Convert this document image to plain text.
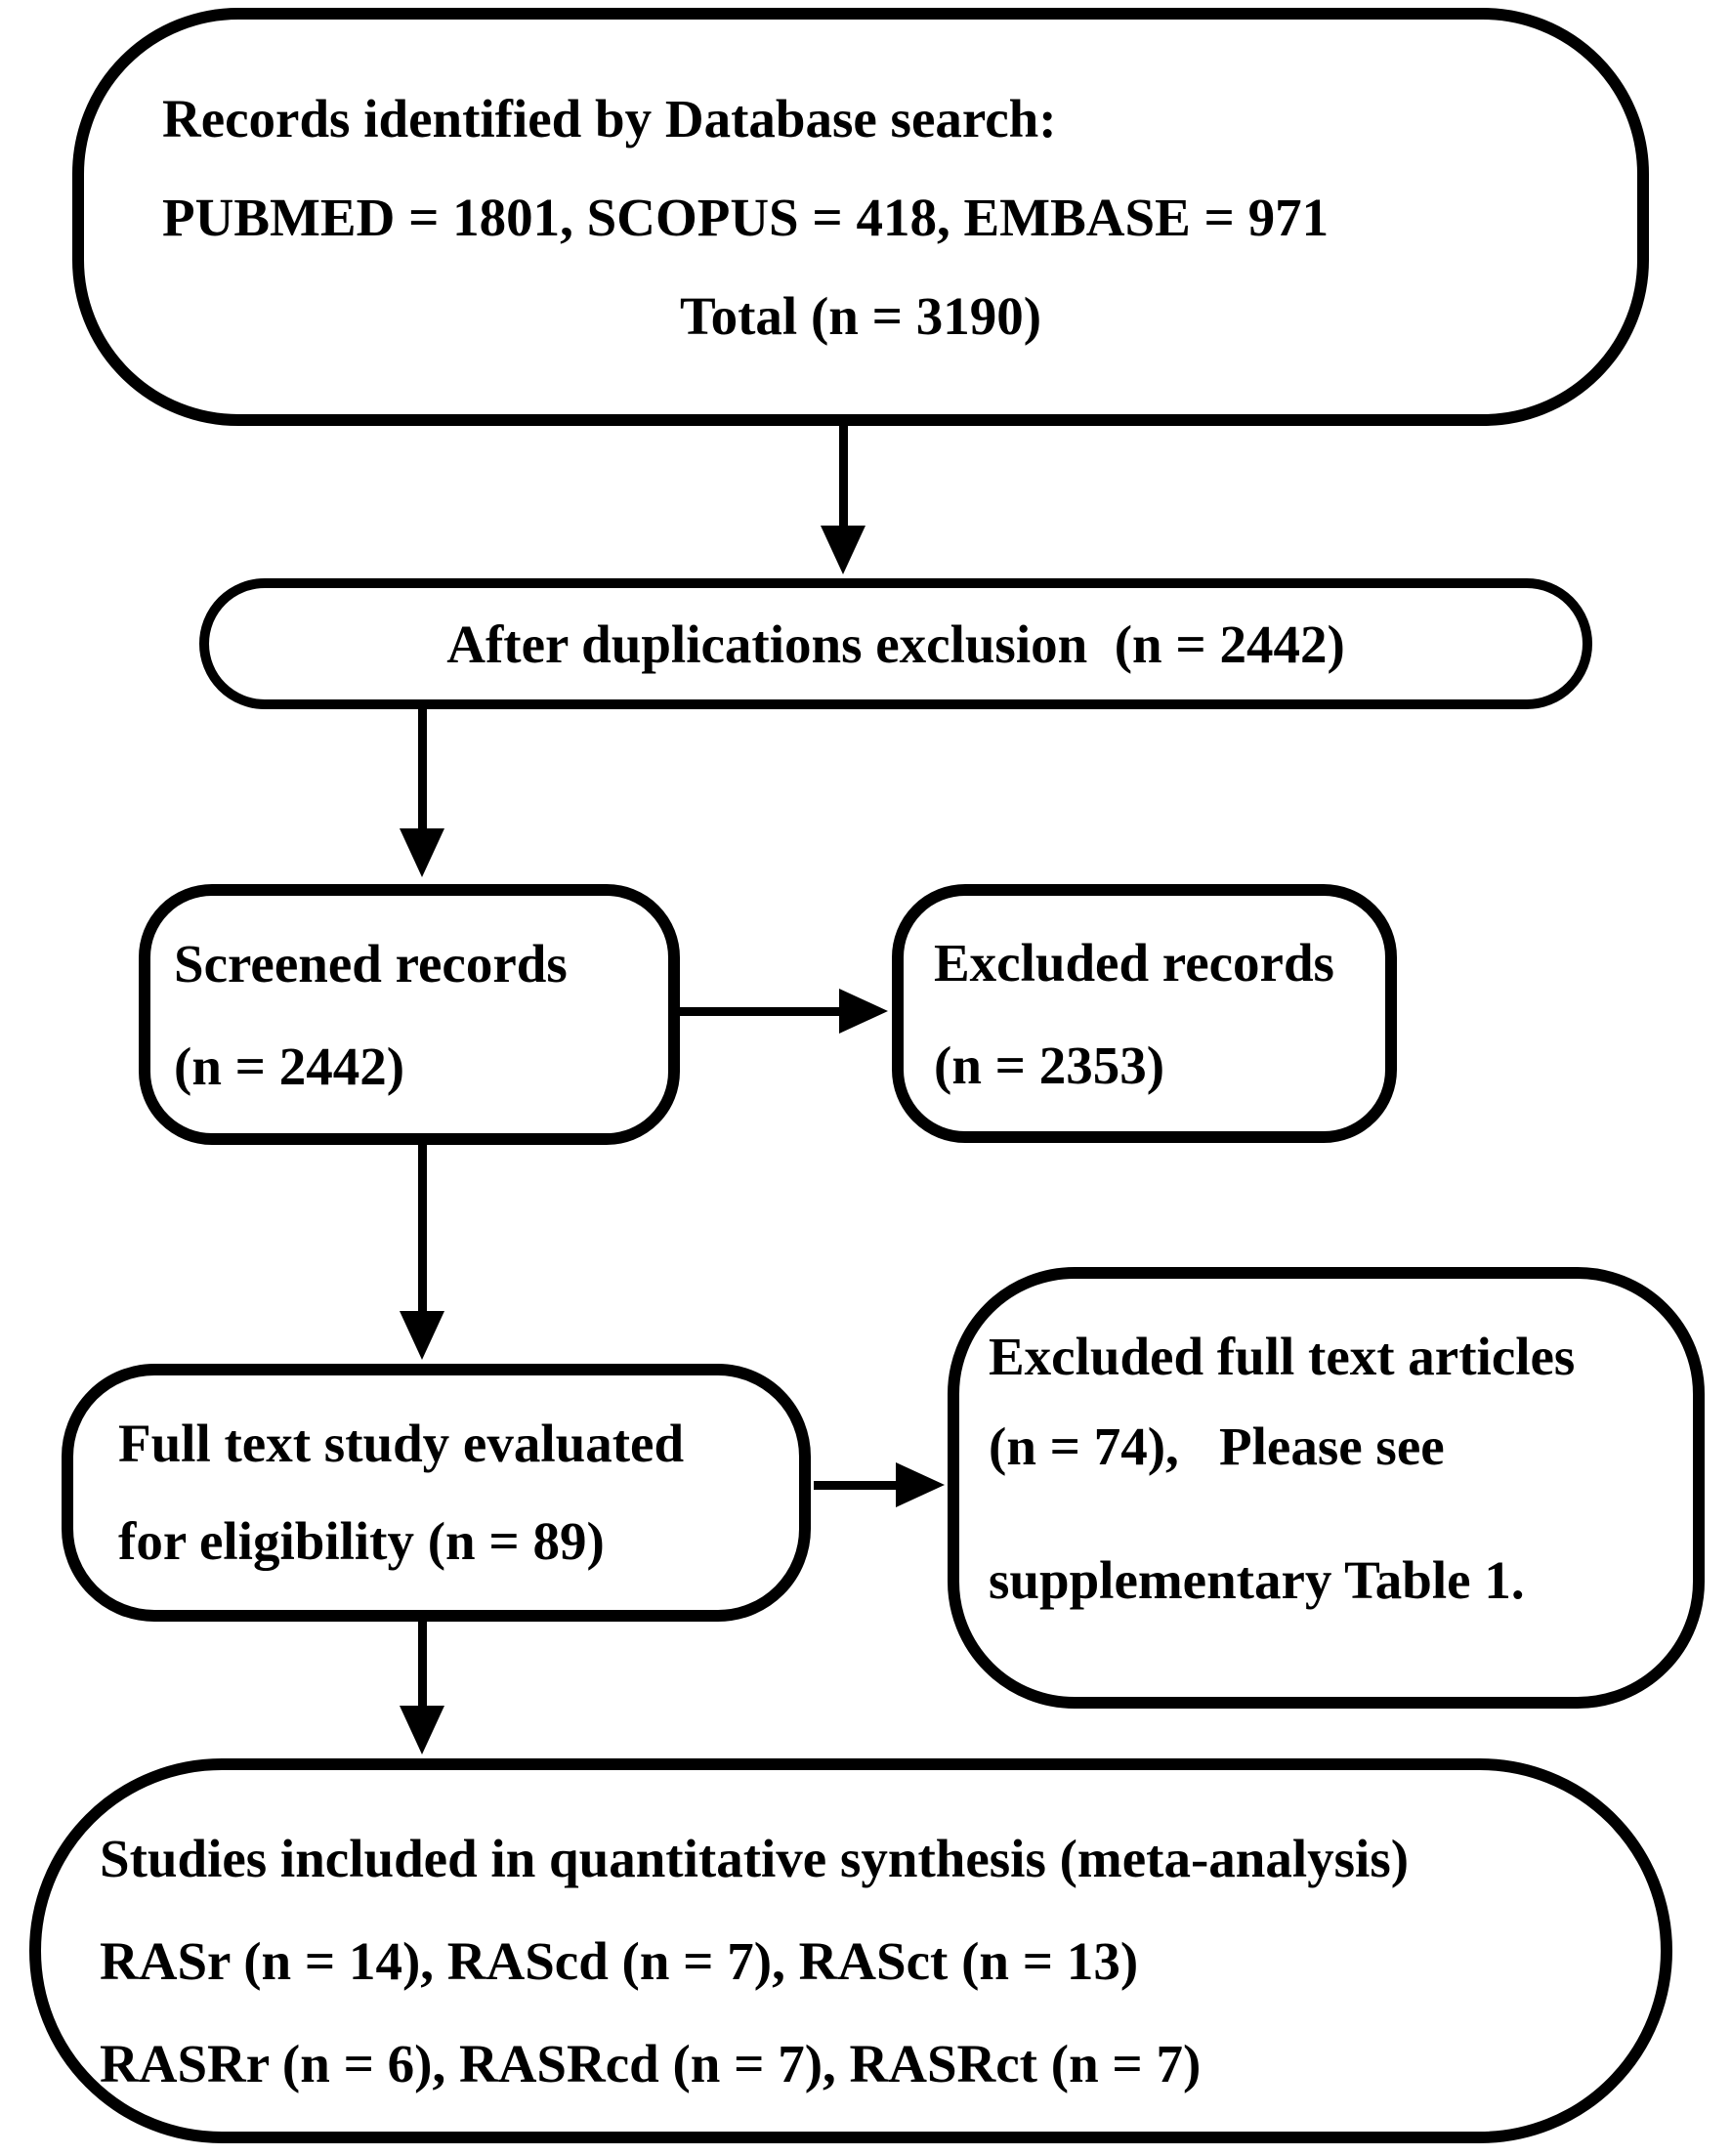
Records identified by Database search:
PUBMED = 1801, SCOPUS = 418, EMBASE = 971
Total (n = 3190)
After duplications exclusion  (n = 2442)
Screened records
(n = 2442)
Excluded records
(n = 2353)
Full text study evaluated
for eligibility (n = 89)
Excluded full text articles
(n = 74),   Please see
supplementary Table 1.
Studies included in quantitative synthesis (meta-analysis)
RASr (n = 14), RAScd (n = 7), RASct (n = 13)
RASRr (n = 6), RASRcd (n = 7), RASRct (n = 7)
